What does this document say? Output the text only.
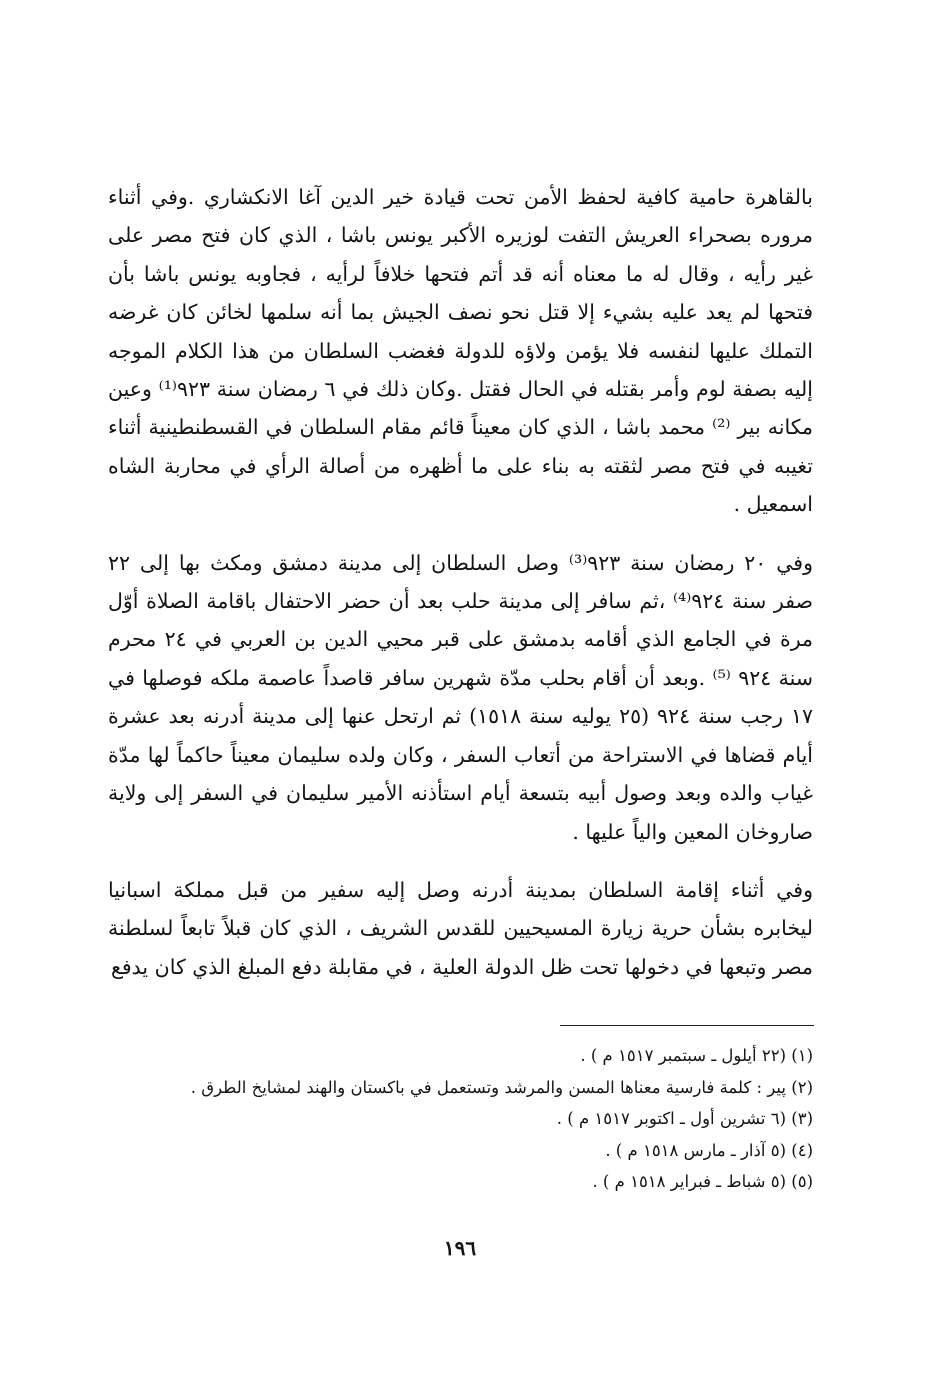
بالقاهرة حامية كافية لحفظ الأمن تحت قيادة خير الدين آغا الانكشاري .وفي أثناء مروره بصحراء العريش التفت لوزيره الأكبر يونس باشا ، الذي كان فتح مصر على غير رأيه ، وقال له ما معناه أنه قد أتم فتحها خلافاً لرأيه ، فجاوبه يونس باشا بأن فتحها لم يعد عليه بشيء إلا قتل نحو نصف الجيش بما أنه سلمها لخائن كان غرضه التملك عليها لنفسه فلا يؤمن ولاؤه للدولة فغضب السلطان من هذا الكلام الموجه إليه بصفة لوم وأمر بقتله في الحال فقتل .وكان ذلك في ٦ رمضان سنة ٩٢٣⁽¹⁾ وعين مكانه بير ⁽²⁾ محمد باشا ، الذي كان معيناً قائم مقام السلطان في القسطنطينية أثناء تغيبه في فتح مصر لثقته به بناء على ما أظهره من أصالة الرأي في محاربة الشاه اسمعيل .

وفي ٢٠ رمضان سنة ٩٢٣⁽³⁾ وصل السلطان إلى مدينة دمشق ومكث بها إلى ٢٢ صفر سنة ٩٢٤⁽⁴⁾ ،ثم سافر إلى مدينة حلب بعد أن حضر الاحتفال باقامة الصلاة أوّل مرة في الجامع الذي أقامه بدمشق على قبر محيي الدين بن العربي في ٢٤ محرم سنة ٩٢٤ ⁽⁵⁾ .وبعد أن أقام بحلب مدّة شهرين سافر قاصداً عاصمة ملكه فوصلها في ١٧ رجب سنة ٩٢٤ (٢٥ يوليه سنة ١٥١٨) ثم ارتحل عنها إلى مدينة أدرنه بعد عشرة أيام قضاها في الاستراحة من أتعاب السفر ، وكان ولده سليمان معيناً حاكماً لها مدّة غياب والده وبعد وصول أبيه بتسعة أيام استأذنه الأمير سليمان في السفر إلى ولاية صاروخان المعين والياً عليها .

وفي أثناء إقامة السلطان بمدينة أدرنه وصل إليه سفير من قبل مملكة اسبانيا ليخابره بشأن حرية زيارة المسيحيين للقدس الشريف ، الذي كان قبلاً تابعاً لسلطنة مصر وتبعها في دخولها تحت ظل الدولة العلية ، في مقابلة دفع المبلغ الذي كان يدفع

(١) (٢٢ أيلول ـ سبتمبر ١٥١٧ م ) .
(٢) پير : كلمة فارسية معناها المسن والمرشد وتستعمل في باكستان والهند لمشايخ الطرق .
(٣) (٦ تشرين أول ـ اكتوبر ١٥١٧ م ) .
(٤) (٥ آذار ـ مارس ١٥١٨ م ) .
(٥) (٥ شباط ـ فبراير ١٥١٨ م ) .
١٩٦
